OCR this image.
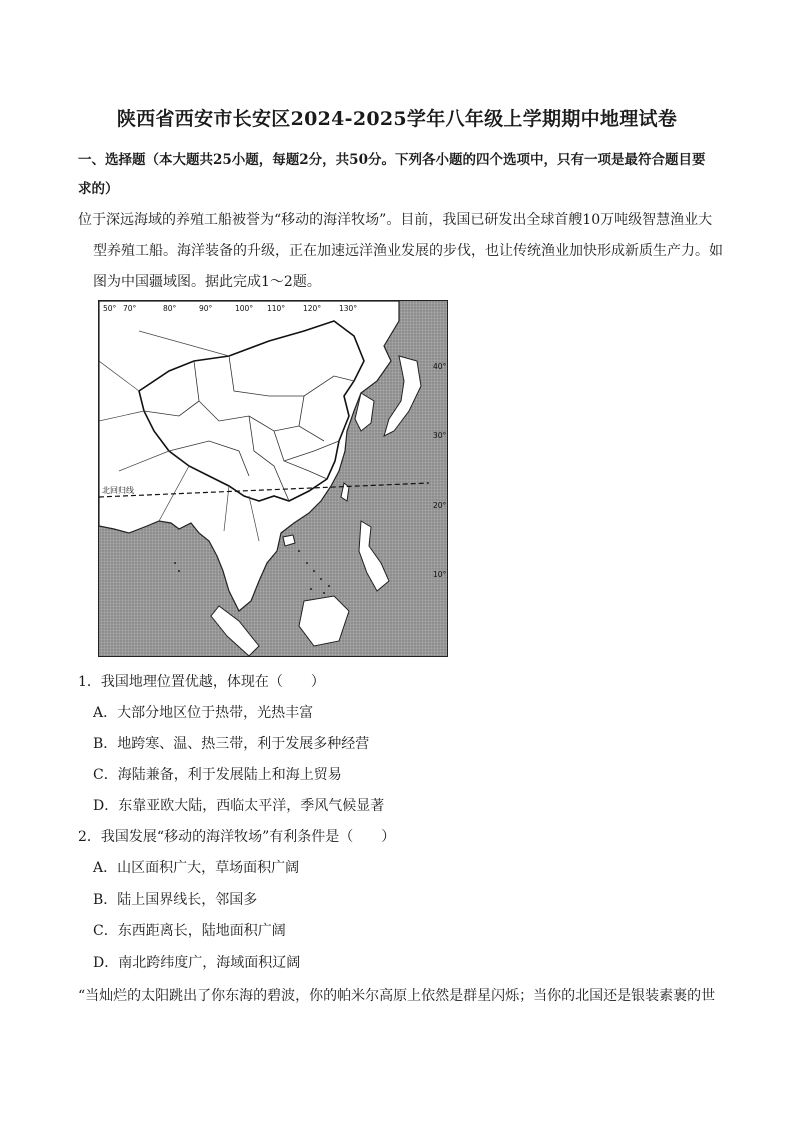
陕西省西安市长安区2024-2025学年八年级上学期期中地理试卷
一、选择题（本大题共25小题，每题2分，共50分。下列各小题的四个选项中，只有一项是最符合题目要求的）
位于深远海域的养殖工船被誉为“移动的海洋牧场”。目前，我国已研发出全球首艘10万吨级智慧渔业大
型养殖工船。海洋装备的升级，正在加速远洋渔业发展的步伐，也让传统渔业加快形成新质生产力。如
图为中国疆域图。据此完成1～2题。
50° 70°	80°	90°	100° 110° 120° 130°
40°
30°
20°
10°
北回归线
1．我国地理位置优越，体现在（　　）
A．大部分地区位于热带，光热丰富
B．地跨寒、温、热三带，利于发展多种经营
C．海陆兼备，利于发展陆上和海上贸易
D．东靠亚欧大陆，西临太平洋，季风气候显著
2．我国发展“移动的海洋牧场”有利条件是（　　）
A．山区面积广大，草场面积广阔
B．陆上国界线长，邻国多
C．东西距离长，陆地面积广阔
D．南北跨纬度广，海域面积辽阔
“当灿烂的太阳跳出了你东海的碧波，你的帕米尔高原上依然是群星闪烁；当你的北国还是银装素裹的世
